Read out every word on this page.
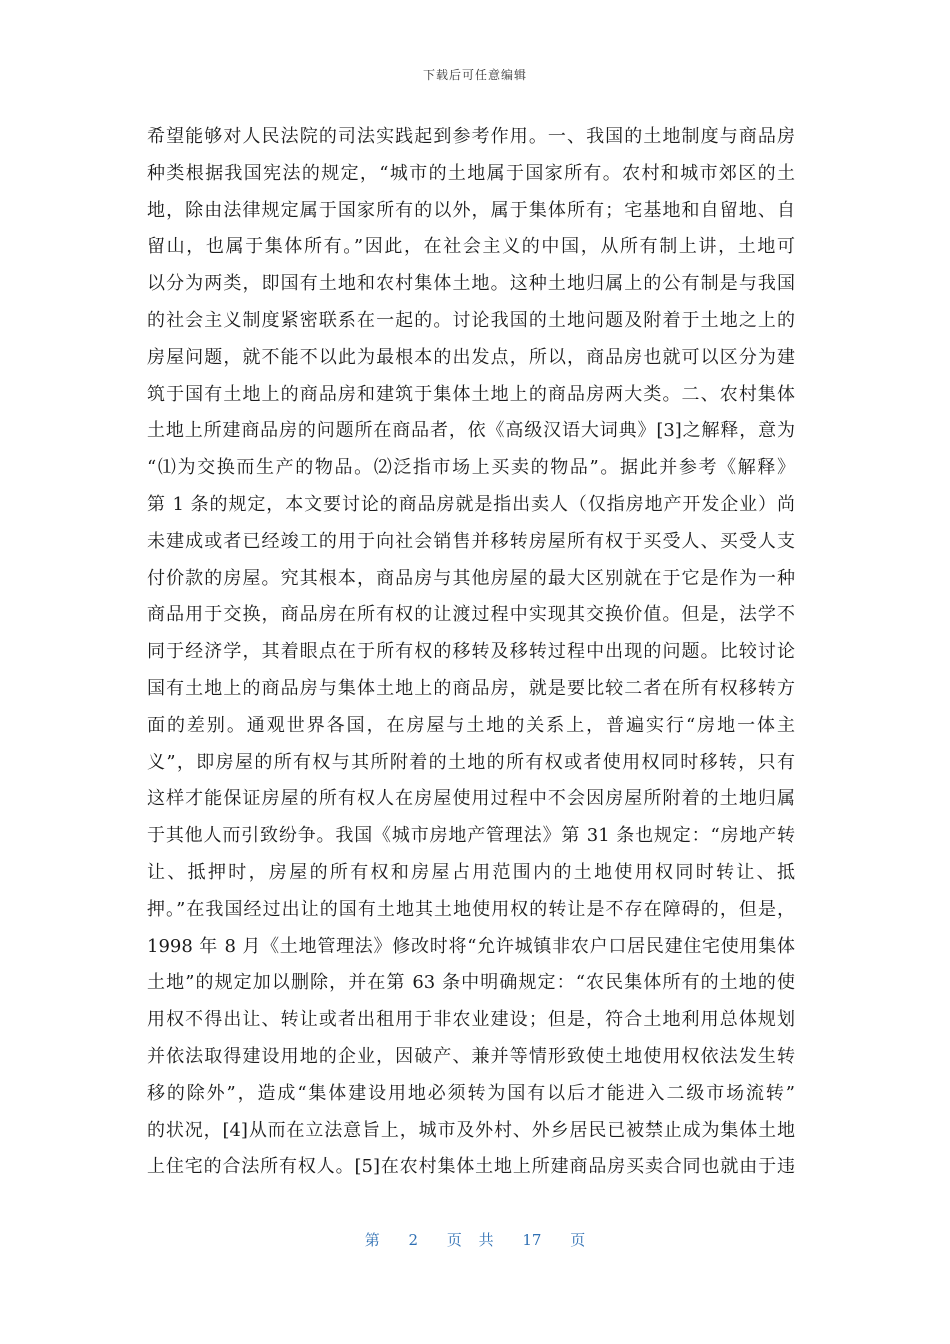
下载后可任意编辑
希望能够对人民法院的司法实践起到参考作用。一、我国的土地制度与商品房
种类根据我国宪法的规定，“城市的土地属于国家所有。农村和城市郊区的土
地，除由法律规定属于国家所有的以外，属于集体所有；宅基地和自留地、自
留山，也属于集体所有。”因此，在社会主义的中国，从所有制上讲，土地可
以分为两类，即国有土地和农村集体土地。这种土地归属上的公有制是与我国
的社会主义制度紧密联系在一起的。讨论我国的土地问题及附着于土地之上的
房屋问题，就不能不以此为最根本的出发点，所以，商品房也就可以区分为建
筑于国有土地上的商品房和建筑于集体土地上的商品房两大类。二、农村集体
土地上所建商品房的问题所在商品者，依《高级汉语大词典》[3]之解释，意为
“⑴为交换而生产的物品。⑵泛指市场上买卖的物品”。据此并参考《解释》
第 1 条的规定，本文要讨论的商品房就是指出卖人（仅指房地产开发企业）尚
未建成或者已经竣工的用于向社会销售并移转房屋所有权于买受人、买受人支
付价款的房屋。究其根本，商品房与其他房屋的最大区别就在于它是作为一种
商品用于交换，商品房在所有权的让渡过程中实现其交换价值。但是，法学不
同于经济学，其着眼点在于所有权的移转及移转过程中出现的问题。比较讨论
国有土地上的商品房与集体土地上的商品房，就是要比较二者在所有权移转方
面的差别。通观世界各国，在房屋与土地的关系上，普遍实行“房地一体主
义”，即房屋的所有权与其所附着的土地的所有权或者使用权同时移转，只有
这样才能保证房屋的所有权人在房屋使用过程中不会因房屋所附着的土地归属
于其他人而引致纷争。我国《城市房地产管理法》第 31 条也规定：“房地产转
让、抵押时，房屋的所有权和房屋占用范围内的土地使用权同时转让、抵
押。”在我国经过出让的国有土地其土地使用权的转让是不存在障碍的，但是，
1998 年 8 月《土地管理法》修改时将“允许城镇非农户口居民建住宅使用集体
土地”的规定加以删除，并在第 63 条中明确规定：“农民集体所有的土地的使
用权不得出让、转让或者出租用于非农业建设；但是，符合土地利用总体规划
并依法取得建设用地的企业，因破产、兼并等情形致使土地使用权依法发生转
移的除外”，造成“集体建设用地必须转为国有以后才能进入二级市场流转”
的状况，[4]从而在立法意旨上，城市及外村、外乡居民已被禁止成为集体土地
上住宅的合法所有权人。[5]在农村集体土地上所建商品房买卖合同也就由于违
第 2 页 共 17 页
